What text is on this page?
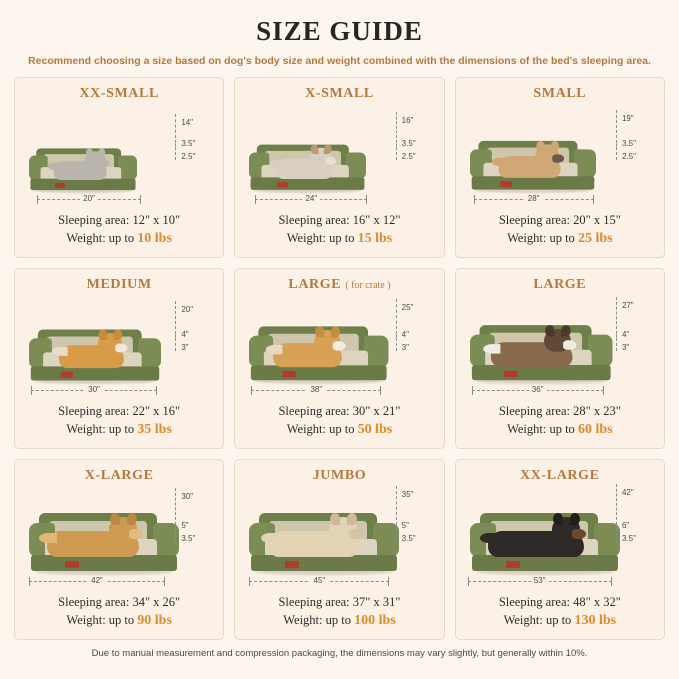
SIZE GUIDE
Recommend choosing a size based on dog's body size and weight combined with the dimensions of the bed's sleeping area.
XX-SMALL
14"
3.5"
2.5"
20"
Sleeping area: 12" x 10"
Weight: up to 10 lbs
X-SMALL
16"
3.5"
2.5"
24"
Sleeping area: 16" x 12"
Weight: up to 15 lbs
SMALL
19"
3.5"
2.5"
28"
Sleeping area: 20" x 15"
Weight: up to 25 lbs
MEDIUM
20"
4"
3"
30"
Sleeping area: 22" x 16"
Weight: up to 35 lbs
LARGE ( for crate )
25"
4"
3"
38"
Sleeping area: 30" x 21"
Weight: up to 50 lbs
LARGE
27"
4"
3"
36"
Sleeping area: 28" x 23"
Weight: up to 60 lbs
X-LARGE
30"
5"
3.5"
42"
Sleeping area: 34" x 26"
Weight: up to 90 lbs
JUMBO
35"
5"
3.5"
45"
Sleeping area: 37" x 31"
Weight: up to 100 lbs
XX-LARGE
42"
6"
3.5"
53"
Sleeping area: 48" x 32"
Weight: up to 130 lbs
Due to manual measurement and compression packaging, the dimensions may vary slightly, but generally within 10%.
